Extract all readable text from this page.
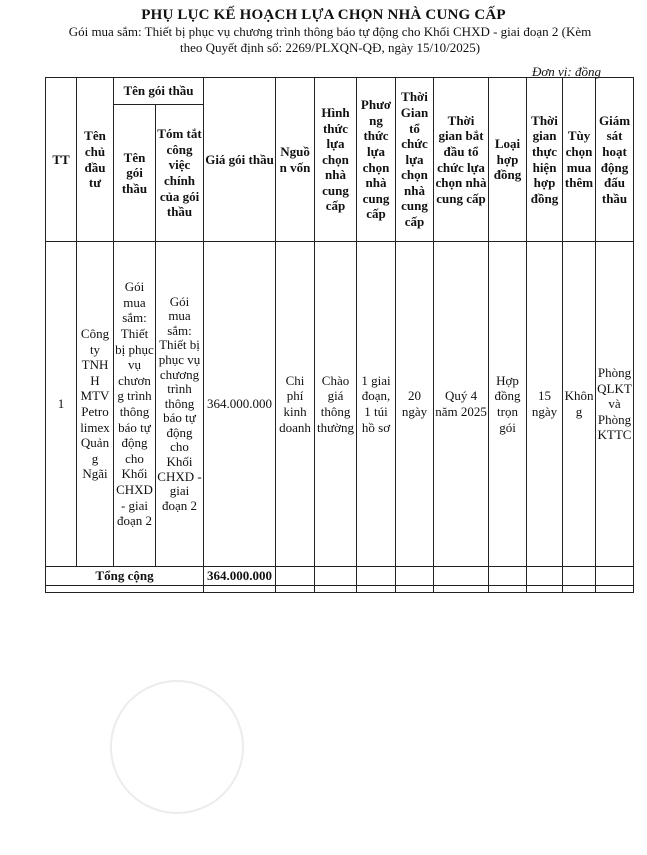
PHỤ LỤC KẾ HOẠCH LỰA CHỌN NHÀ CUNG CẤP
Gói mua sắm: Thiết bị phục vụ chương trình thông báo tự động cho Khối CHXD - giai đoạn 2 (Kèm theo Quyết định số: 2269/PLXQN-QĐ, ngày 15/10/2025)
Đơn vị: đồng
TT	Tên chủ đầu tư	Tên gói thầu		Giá gói thầu	Nguồn vốn	Hình thức lựa chọn nhà cung cấp	Phương thức lựa chọn nhà cung cấp	Thời Gian tổ chức lựa chọn nhà cung cấp	Thời gian bắt đầu tổ chức lựa chọn nhà cung cấp	Loại hợp đồng	Thời gian thực hiện hợp đồng	Tùy chọn mua thêm	Giám sát hoạt động đấu thầu
		Tên gói thầu	Tóm tắt công việc chính của gói thầu										
1	Công ty TNHH MTV Petro limex Quảng Ngãi	Gói mua sắm: Thiết bị phục vụ chương trình thông báo tự động cho Khối CHXD - giai đoạn 2	Gói mua sắm: Thiết bị phục vụ chương trình thông báo tự động cho Khối CHXD - giai đoạn 2	364.000.000	Chi phí kinh doanh	Chào giá thông thường	1 giai đoạn, 1 túi hồ sơ	20 ngày	Quý 4 năm 2025	Hợp đồng trọn gói	15 ngày	Không	Phòng QLKT và Phòng KTTC
Tổng cộng				364.000.000									
